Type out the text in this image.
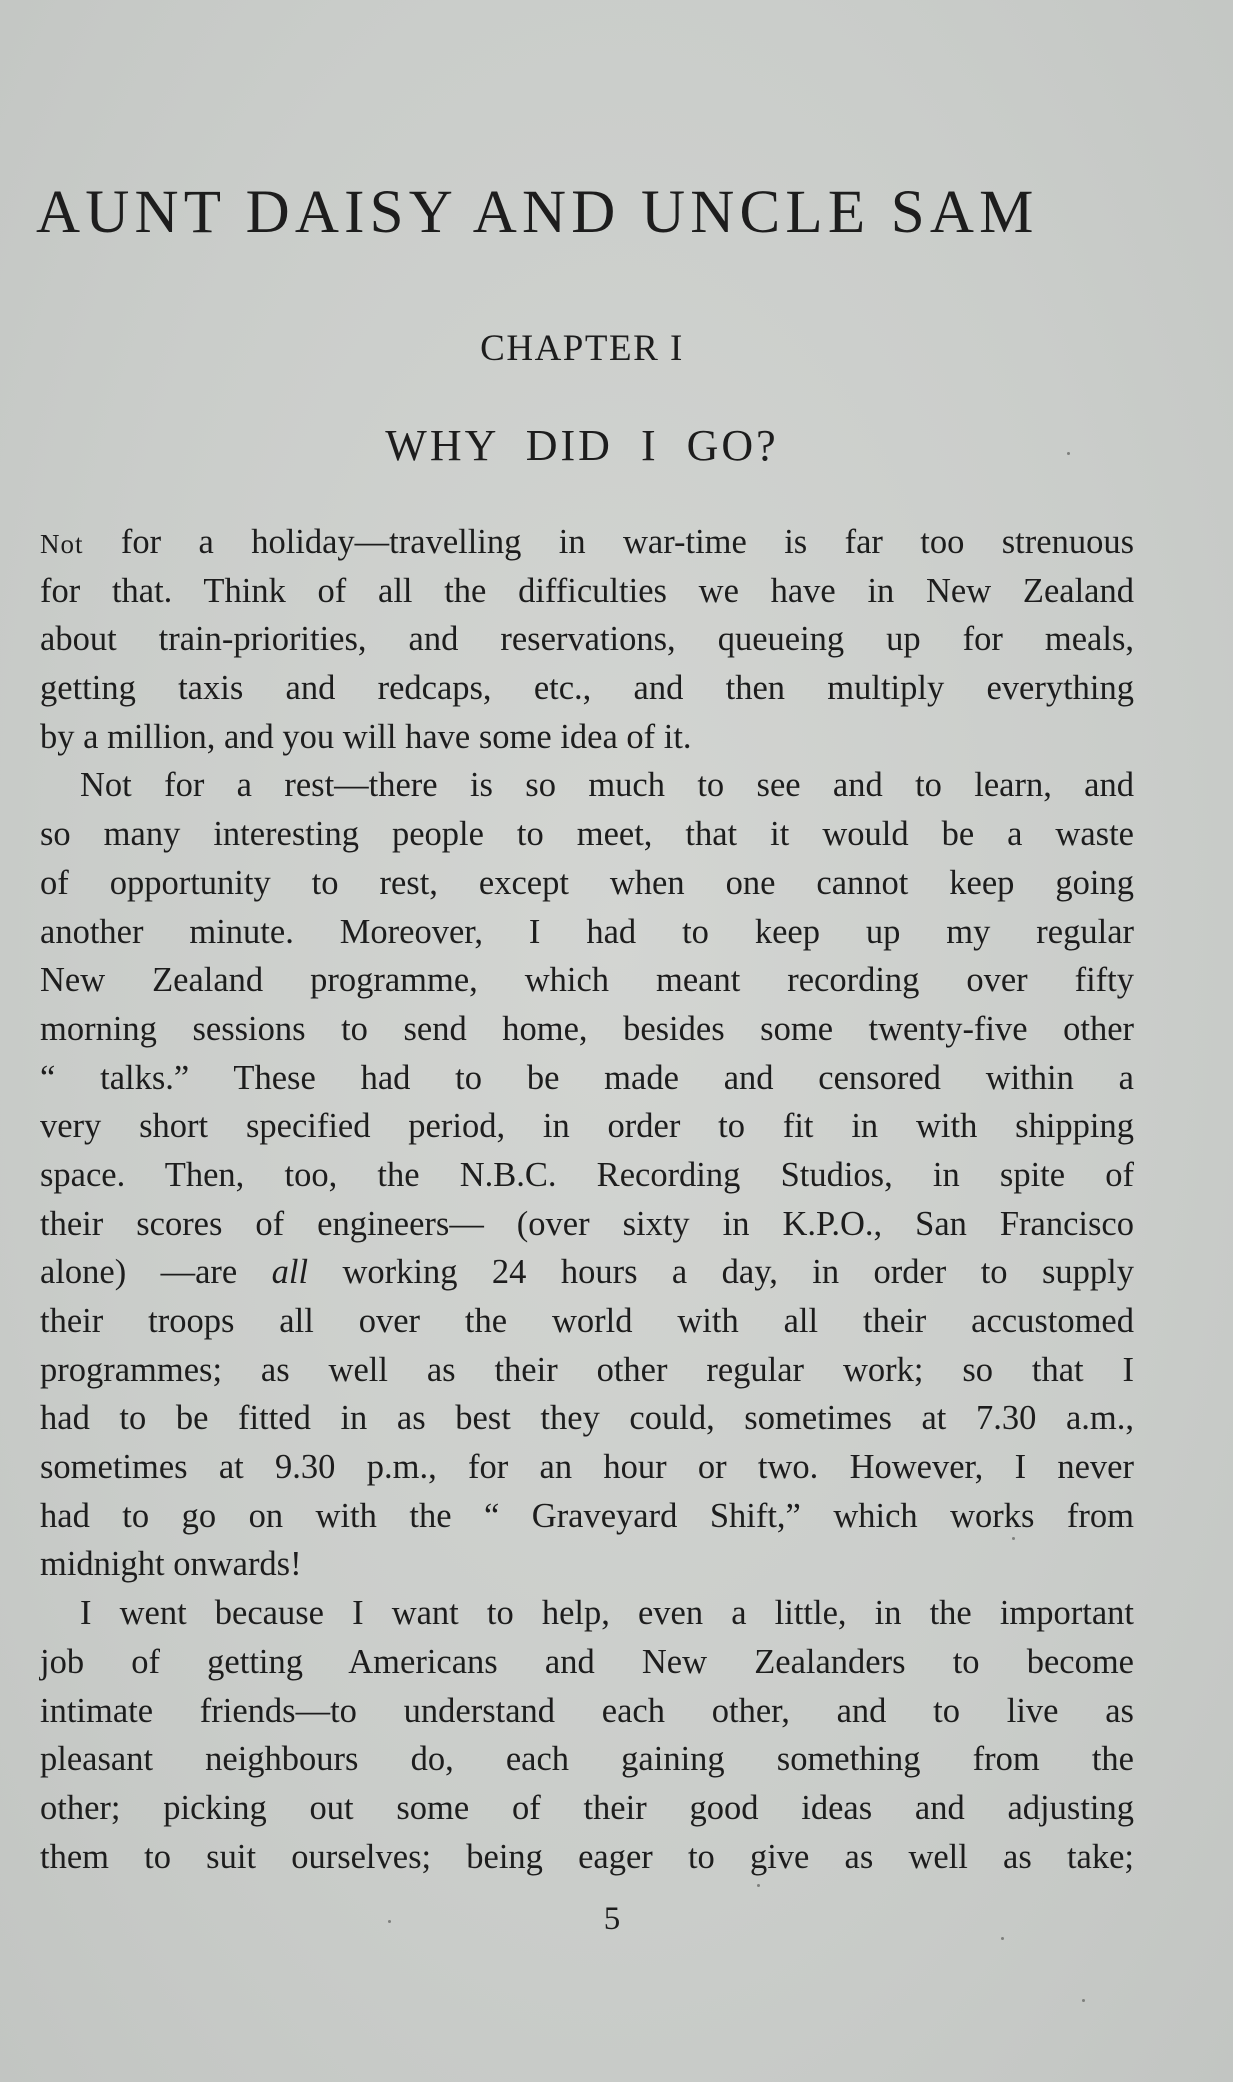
AUNT DAISY AND UNCLE SAM
CHAPTER I
WHY DID I GO?
Not for a holiday—travelling in war-time is far too strenuous
for that. Think of all the difficulties we have in New Zealand
about train-priorities, and reservations, queueing up for meals,
getting taxis and redcaps, etc., and then multiply everything
by a million, and you will have some idea of it.
Not for a rest—there is so much to see and to learn, and
so many interesting people to meet, that it would be a waste
of opportunity to rest, except when one cannot keep going
another minute. Moreover, I had to keep up my regular
New Zealand programme, which meant recording over fifty
morning sessions to send home, besides some twenty-five other
“ talks.” These had to be made and censored within a
very short specified period, in order to fit in with shipping
space. Then, too, the N.B.C. Recording Studios, in spite of
their scores of engineers— (over sixty in K.P.O., San Francisco
alone) —are all working 24 hours a day, in order to supply
their troops all over the world with all their accustomed
programmes; as well as their other regular work; so that I
had to be fitted in as best they could, sometimes at 7.30 a.m.,
sometimes at 9.30 p.m., for an hour or two. However, I never
had to go on with the “ Graveyard Shift,” which works from
midnight onwards!
I went because I want to help, even a little, in the important
job of getting Americans and New Zealanders to become
intimate friends—to understand each other, and to live as
pleasant neighbours do, each gaining something from the
other; picking out some of their good ideas and adjusting
them to suit ourselves; being eager to give as well as take;
5
